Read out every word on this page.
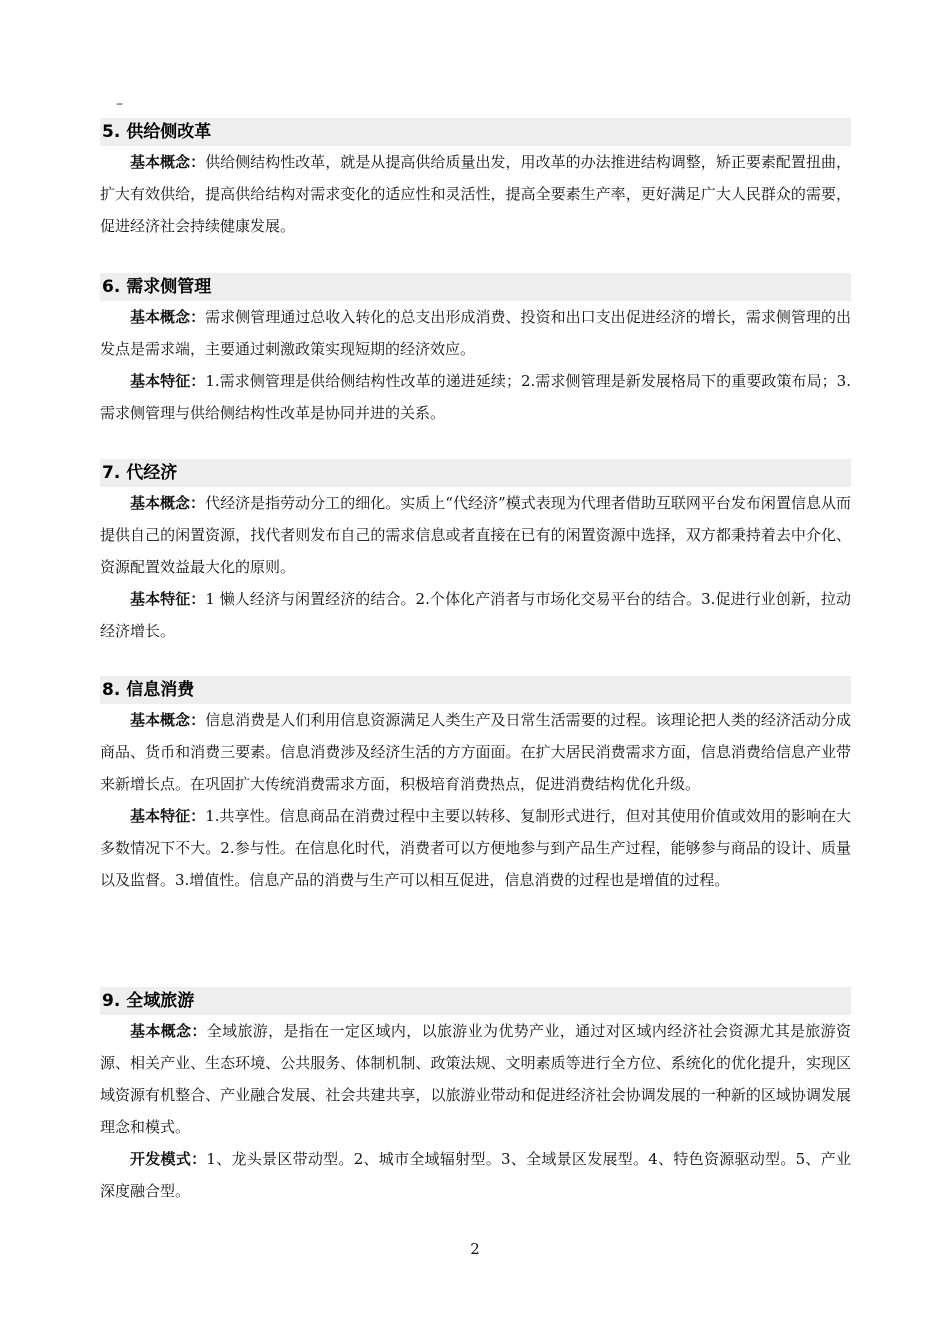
–
5. 供给侧改革

基本概念：供给侧结构性改革，就是从提高供给质量出发，用改革的办法推进结构调整，矫正要素配置扭曲，扩大有效供给，提高供给结构对需求变化的适应性和灵活性，提高全要素生产率，更好满足广大人民群众的需要，促进经济社会持续健康发展。

6. 需求侧管理

基本概念：需求侧管理通过总收入转化的总支出形成消费、投资和出口支出促进经济的增长，需求侧管理的出发点是需求端，主要通过刺激政策实现短期的经济效应。

基本特征：1.需求侧管理是供给侧结构性改革的递进延续；2.需求侧管理是新发展格局下的重要政策布局；3.需求侧管理与供给侧结构性改革是协同并进的关系。

7. 代经济

基本概念：代经济是指劳动分工的细化。实质上“代经济”模式表现为代理者借助互联网平台发布闲置信息从而提供自己的闲置资源，找代者则发布自己的需求信息或者直接在已有的闲置资源中选择，双方都秉持着去中介化、资源配置效益最大化的原则。

基本特征：1 懒人经济与闲置经济的结合。2.个体化产消者与市场化交易平台的结合。3.促进行业创新，拉动经济增长。

8. 信息消费

基本概念：信息消费是人们利用信息资源满足人类生产及日常生活需要的过程。该理论把人类的经济活动分成商品、货币和消费三要素。信息消费涉及经济生活的方方面面。在扩大居民消费需求方面，信息消费给信息产业带来新增长点。在巩固扩大传统消费需求方面，积极培育消费热点，促进消费结构优化升级。

基本特征：1.共享性。信息商品在消费过程中主要以转移、复制形式进行，但对其使用价值或效用的影响在大多数情况下不大。2.参与性。在信息化时代，消费者可以方便地参与到产品生产过程，能够参与商品的设计、质量以及监督。3.增值性。信息产品的消费与生产可以相互促进，信息消费的过程也是增值的过程。

9. 全域旅游

基本概念：全域旅游，是指在一定区域内，以旅游业为优势产业，通过对区域内经济社会资源尤其是旅游资源、相关产业、生态环境、公共服务、体制机制、政策法规、文明素质等进行全方位、系统化的优化提升，实现区域资源有机整合、产业融合发展、社会共建共享，以旅游业带动和促进经济社会协调发展的一种新的区域协调发展理念和模式。

开发模式：1、龙头景区带动型。2、城市全域辐射型。3、全域景区发展型。4、特色资源驱动型。5、产业深度融合型。

2
